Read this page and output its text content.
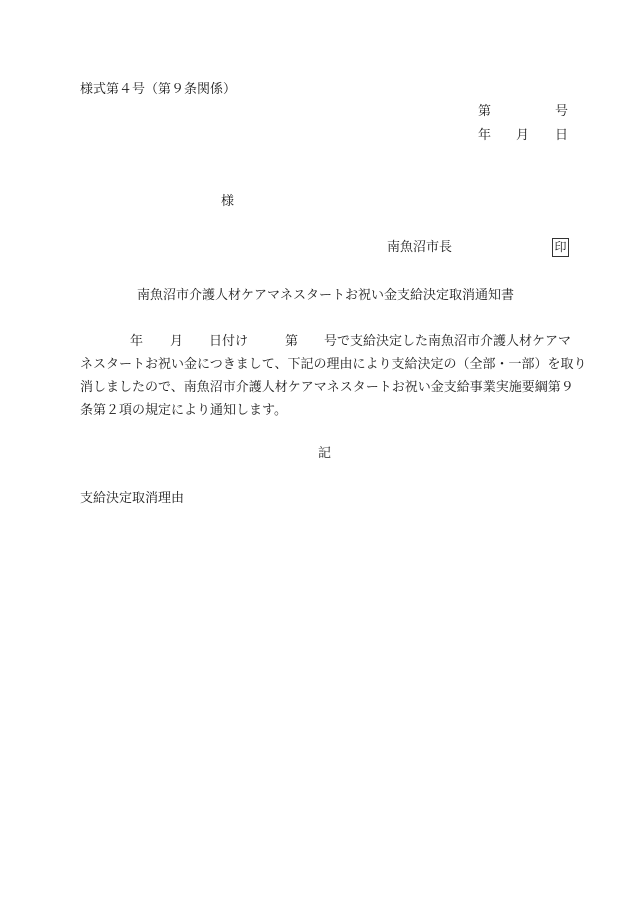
様式第４号（第９条関係）
第	号
年 月 日
様
南魚沼市長	印
南魚沼市介護人材ケアマネスタートお祝い金支給決定取消通知書
年 月 日付け	第 号で支給決定した南魚沼市介護人材ケアマ
ネスタートお祝い金につきまして、下記の理由により支給決定の（全部・一部）を取り
消しましたので、南魚沼市介護人材ケアマネスタートお祝い金支給事業実施要綱第９
条第２項の規定により通知します。
記
支給決定取消理由
